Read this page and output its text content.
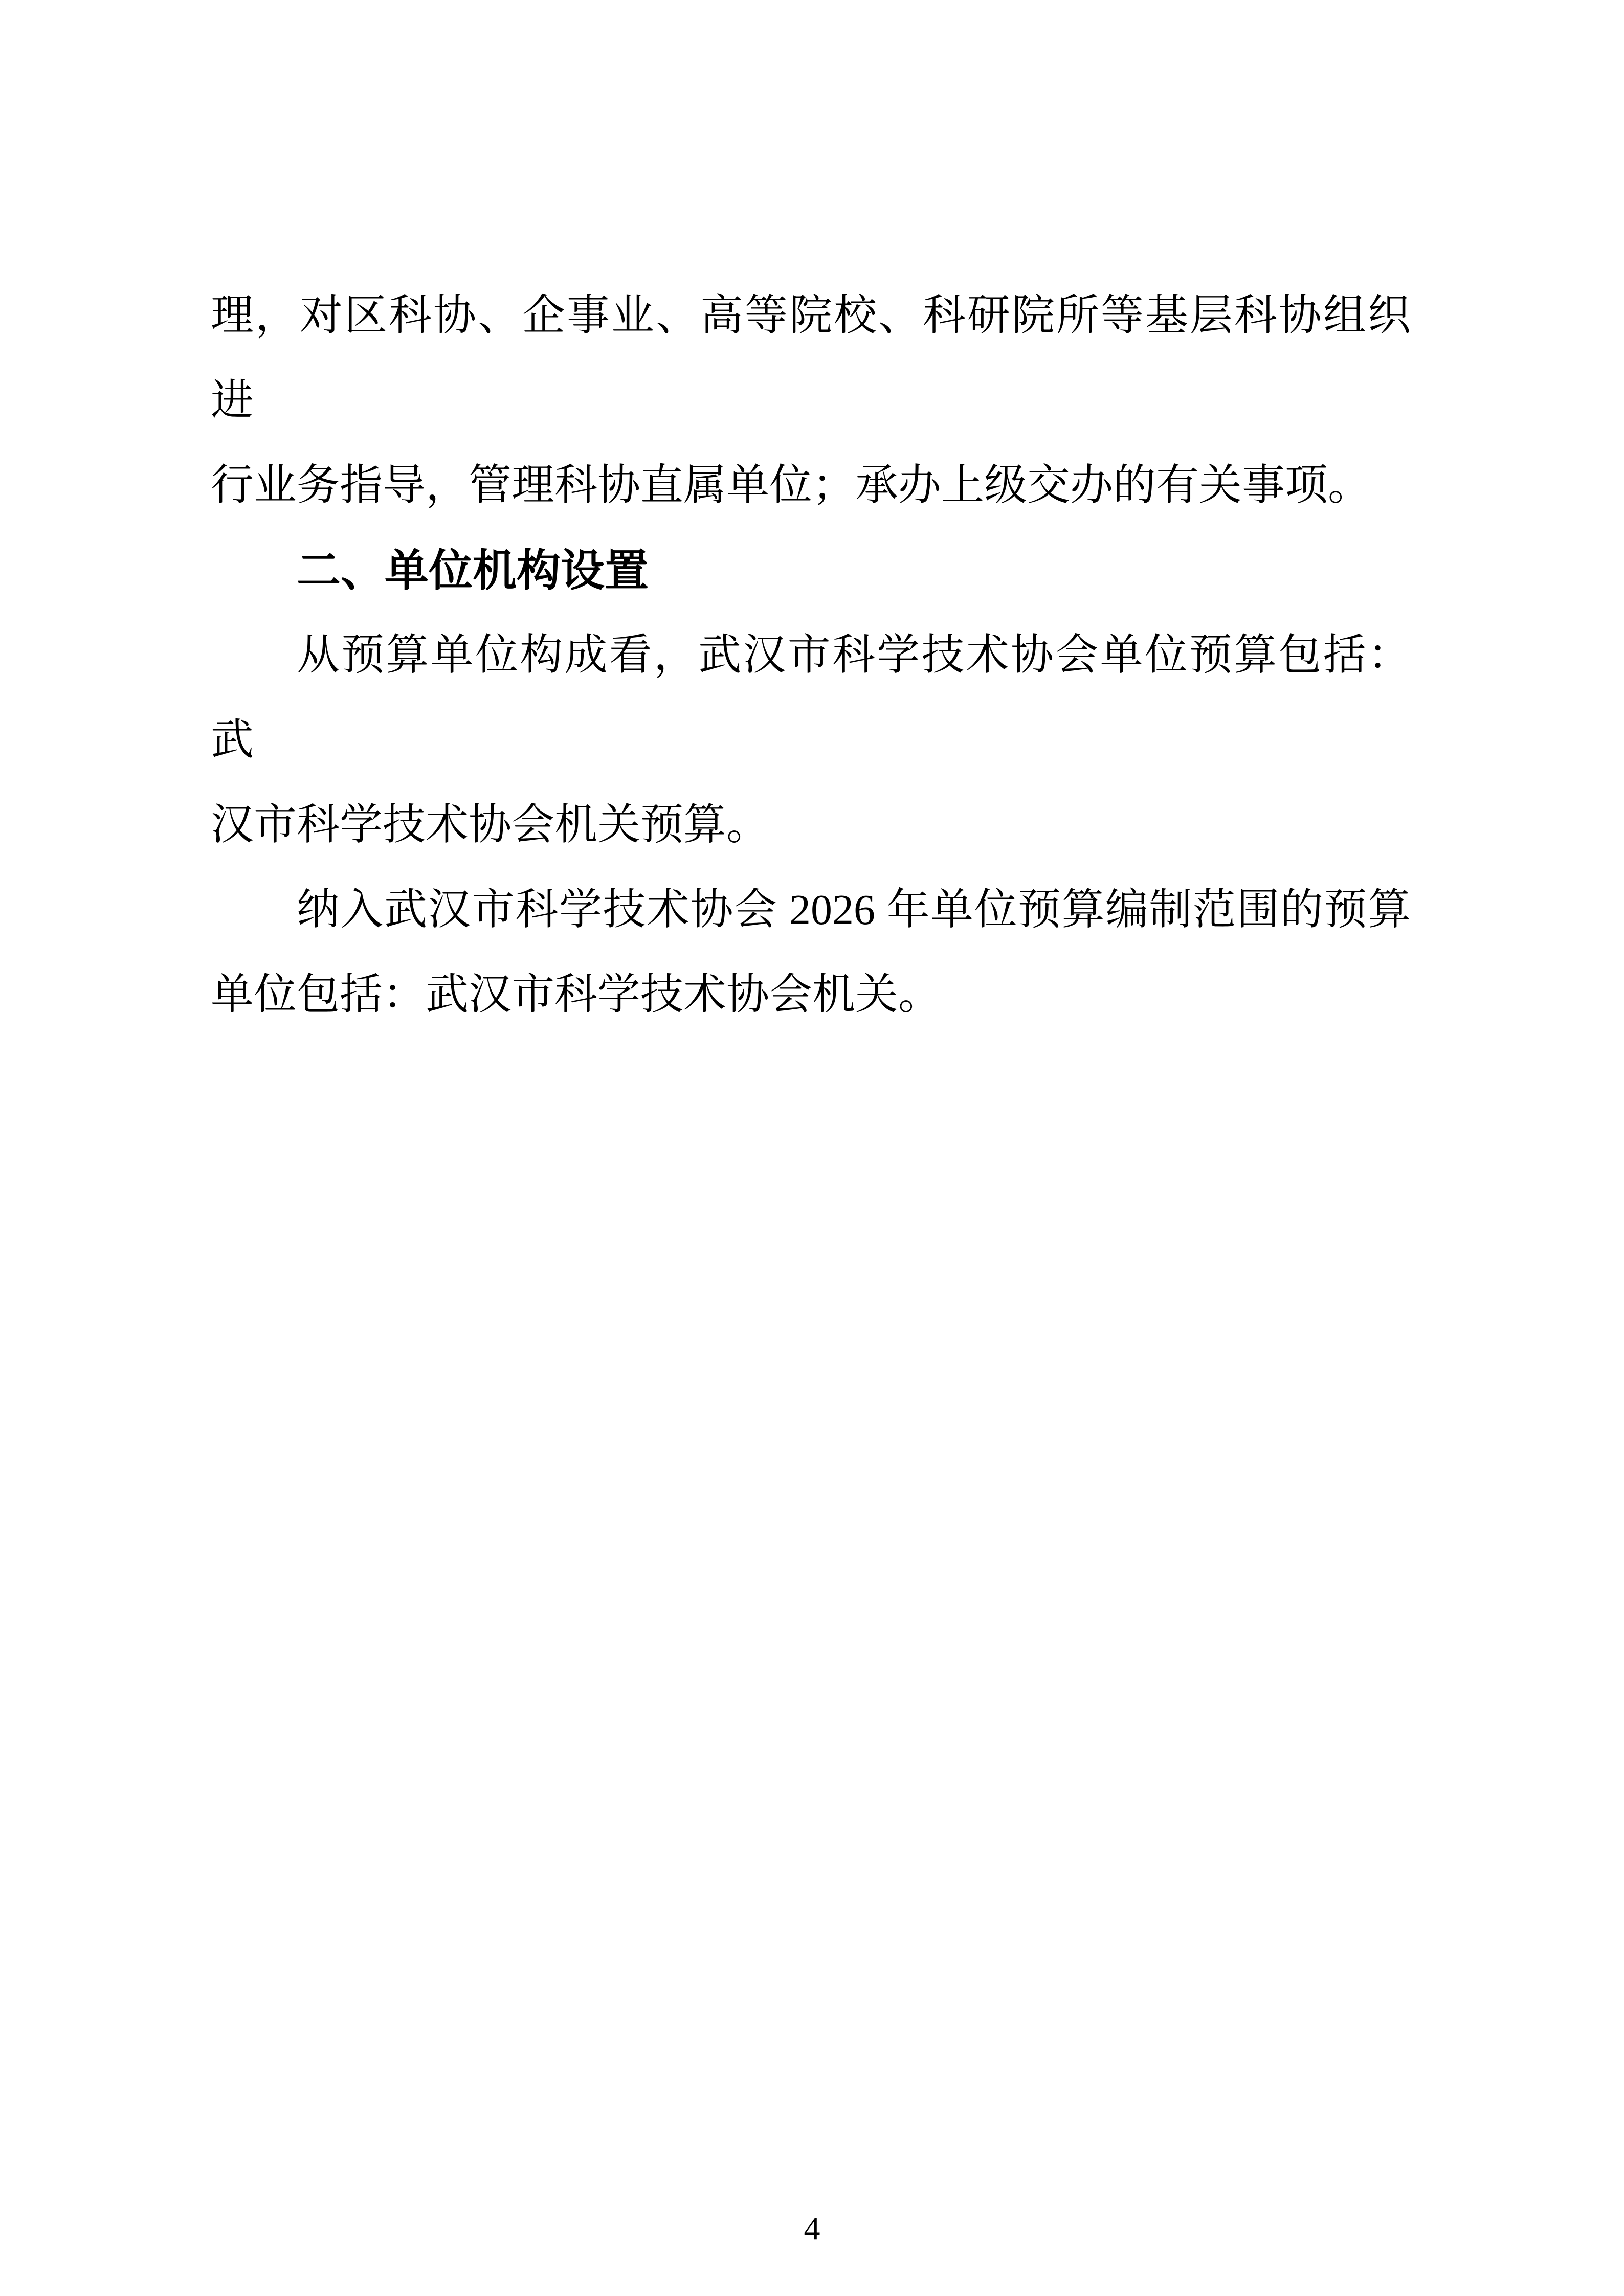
理，对区科协、企事业、高等院校、科研院所等基层科协组织进
行业务指导，管理科协直属单位；承办上级交办的有关事项。
二、单位机构设置
从预算单位构成看，武汉市科学技术协会单位预算包括：武
汉市科学技术协会机关预算。
纳入武汉市科学技术协会 2026 年单位预算编制范围的预算
单位包括：武汉市科学技术协会机关。
4
